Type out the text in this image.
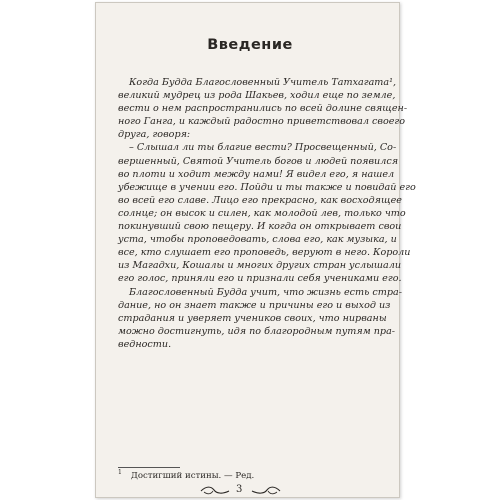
Введение
Когда Будда Благословенный Учитель Татхагата¹,
великий мудрец из рода Шакьев, ходил еще по земле,
вести о нем распространились по всей долине священ-
ного Ганга, и каждый радостно приветствовал своего
друга, говоря:
– Слышал ли ты благие вести? Просвещенный, Со-
вершенный, Святой Учитель богов и людей появился
во плоти и ходит между нами! Я видел его, я нашел
убежище в учении его. Пойди и ты также и повидай его
во всей его славе. Лицо его прекрасно, как восходящее
солнце; он высок и силен, как молодой лев, только что
покинувший свою пещеру. И когда он открывает свои
уста, чтобы проповедовать, слова его, как музыка, и
все, кто слушает его проповедь, веруют в него. Короли
из Магадхи, Кошалы и многих других стран услышали
его голос, приняли его и признали себя учениками его.
Благословенный Будда учит, что жизнь есть стра-
дание, но он знает также и причины его и выход из
страдания и уверяет учеников своих, что нирваны
можно достигнуть, идя по благородным путям пра-
ведности.
$^1$ Достигший истины. — Ред.
3
